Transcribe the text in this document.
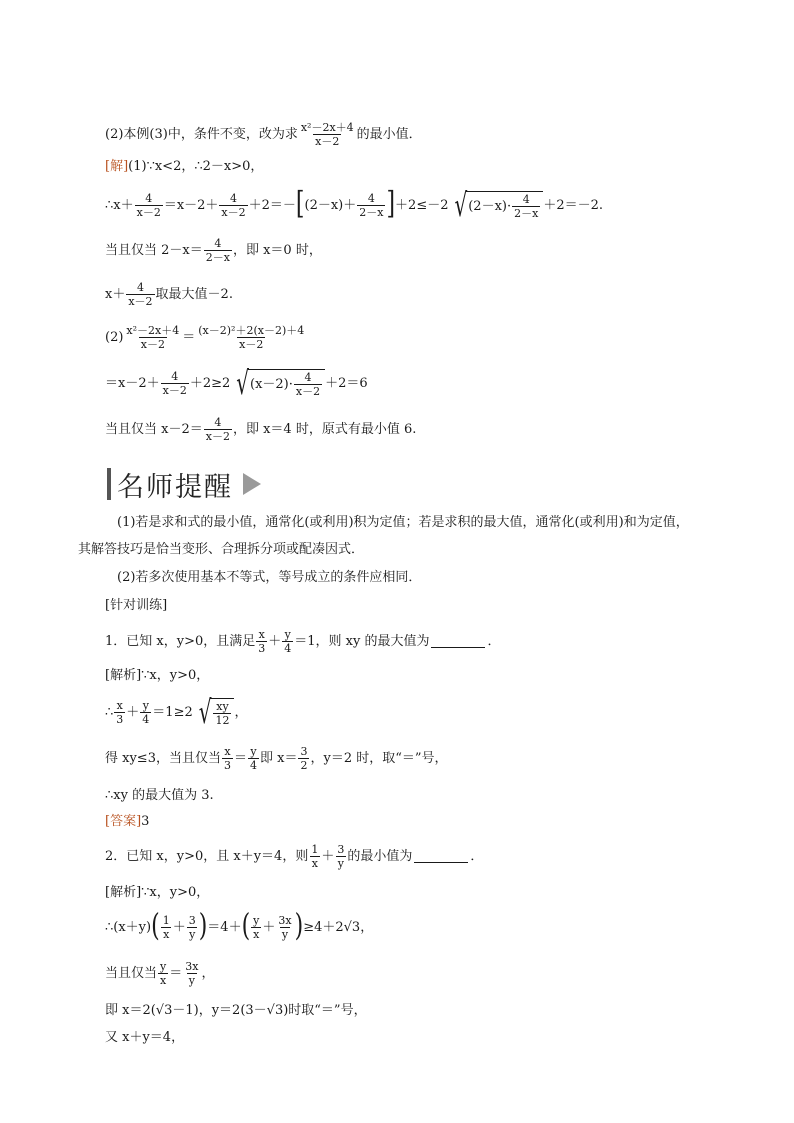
(2)本例(3)中，条件不变，改为求 x²－2x＋4
x－2 的最小值．
[解] (1)∵x<2，∴2－x>0，
∴x＋ 4
x－2 ＝x－2＋ 4
x－2 ＋2＝－ [ (2－x)＋ 4
2－x ] ＋2≤－2 √ (2－x)· 4
2－x
＋2＝－2.
当且仅当 2－x＝ 4
2－x ，即 x＝0 时，
x＋ 4
x－2 取最大值－2.
(2) x²－2x＋4
x－2 ＝ (x－2)²＋2(x－2)＋4
x－2
＝x－2＋ 4
x－2 ＋2≥2 √ (x－2)· 4
x－2
＋2＝6
当且仅当 x－2＝ 4
x－2 ，即 x＝4 时，原式有最小值 6.
名师提醒
(1)若是求和式的最小值，通常化(或利用)积为定值；若是求积的最大值，通常化(或利用)和为定值，
其解答技巧是恰当变形、合理拆分项或配凑因式．
(2)若多次使用基本不等式，等号成立的条件应相同．
[针对训练]
1．已知 x，y>0，且满足 x
3 ＋ y
4 ＝1，则 xy 的最大值为	．
[解析] ∵x，y>0，
∴ x
3 ＋ y
4 ＝1≥2 √ xy
12
，
得 xy≤3，当且仅当 x
3 ＝ y
4 即 x＝ 3
2 ，y＝2 时，取“＝”号，
∴xy 的最大值为 3.
[答案] 3
2．已知 x，y>0，且 x＋y＝4，则 1
x ＋ 3
y 的最小值为	．
[解析] ∵x，y>0，
∴(x＋y) ( 1
x ＋ 3
y ) ＝4＋ ( y
x ＋ 3x
y ) ≥4＋2√3，
当且仅当 y
x ＝ 3x
y ，
即 x＝2(√3－1)，y＝2(3－√3)时取“＝”号，
又 x＋y＝4，
